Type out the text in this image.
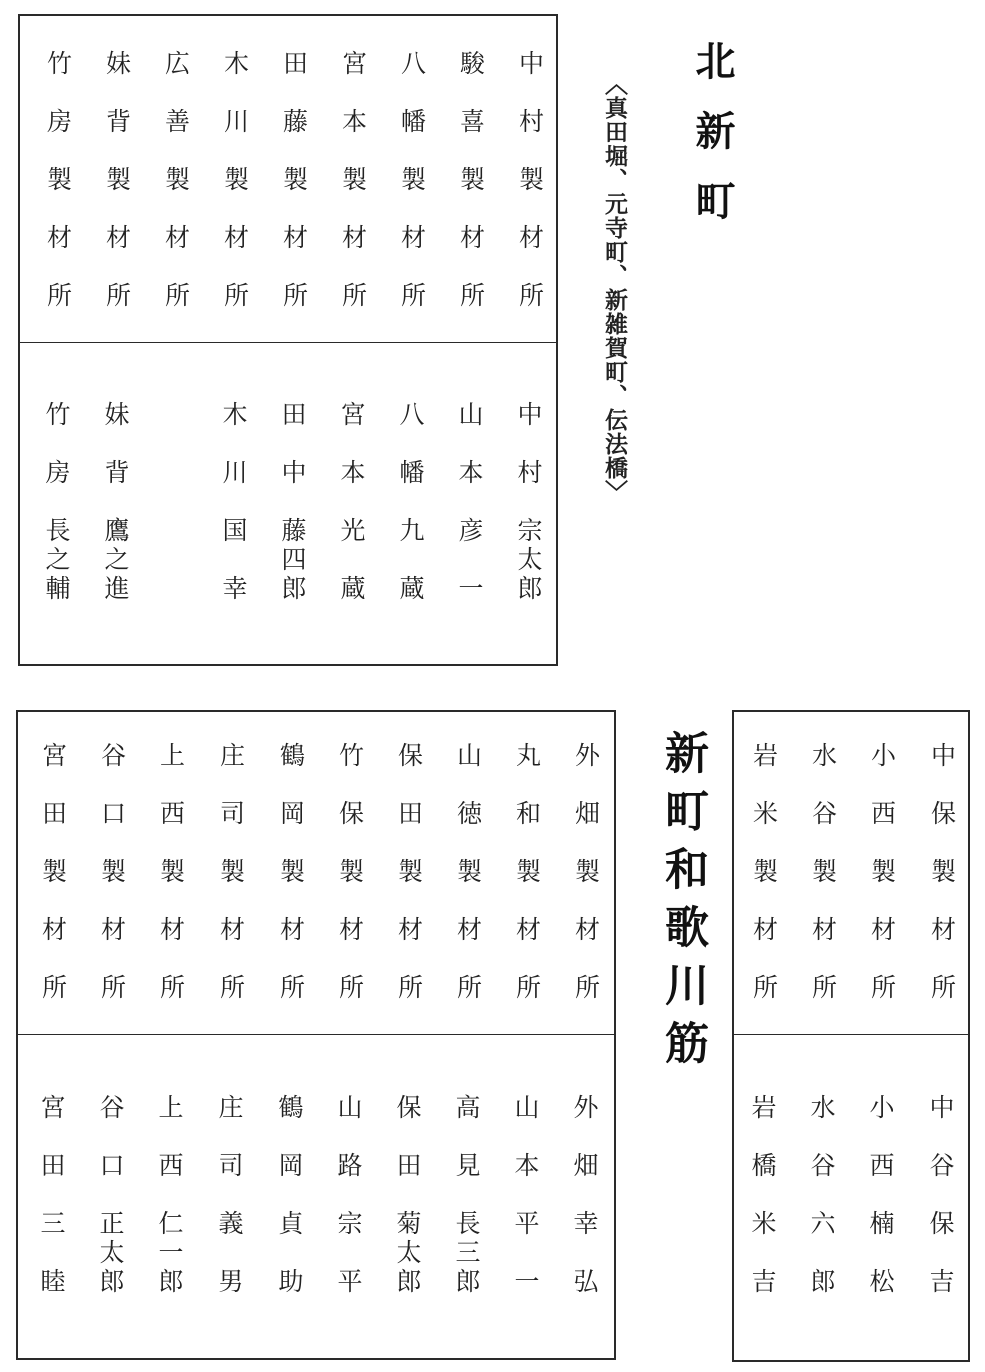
中村製材所
駿喜製材所
八幡製材所
宮本製材所
田藤製材所
木川製材所
広善製材所
妹背製材所
竹房製材所
中
村
宗
太
郎
山
本
彦
一
八
幡
九
蔵
宮
本
光
蔵
田
中
藤
四
郎
木
川
国
幸
妹
背
鷹
之
進
竹
房
長
之
輔
北新町
〈真田堀、元寺町、新雑賀町、伝法橋〉
外畑製材所
丸和製材所
山徳製材所
保田製材所
竹保製材所
鶴岡製材所
庄司製材所
上西製材所
谷口製材所
宮田製材所
外
畑
幸
弘
山
本
平
一
高
見
長
三
郎
保
田
菊
太
郎
山
路
宗
平
鶴
岡
貞
助
庄
司
義
男
上
西
仁
一
郎
谷
口
正
太
郎
宮
田
三
睦
新町和歌川筋	中保製材所
小西製材所
水谷製材所
岩米製材所
中
谷
保
吉
小
西
楠
松
水
谷
六
郎
岩
橋
米
吉
